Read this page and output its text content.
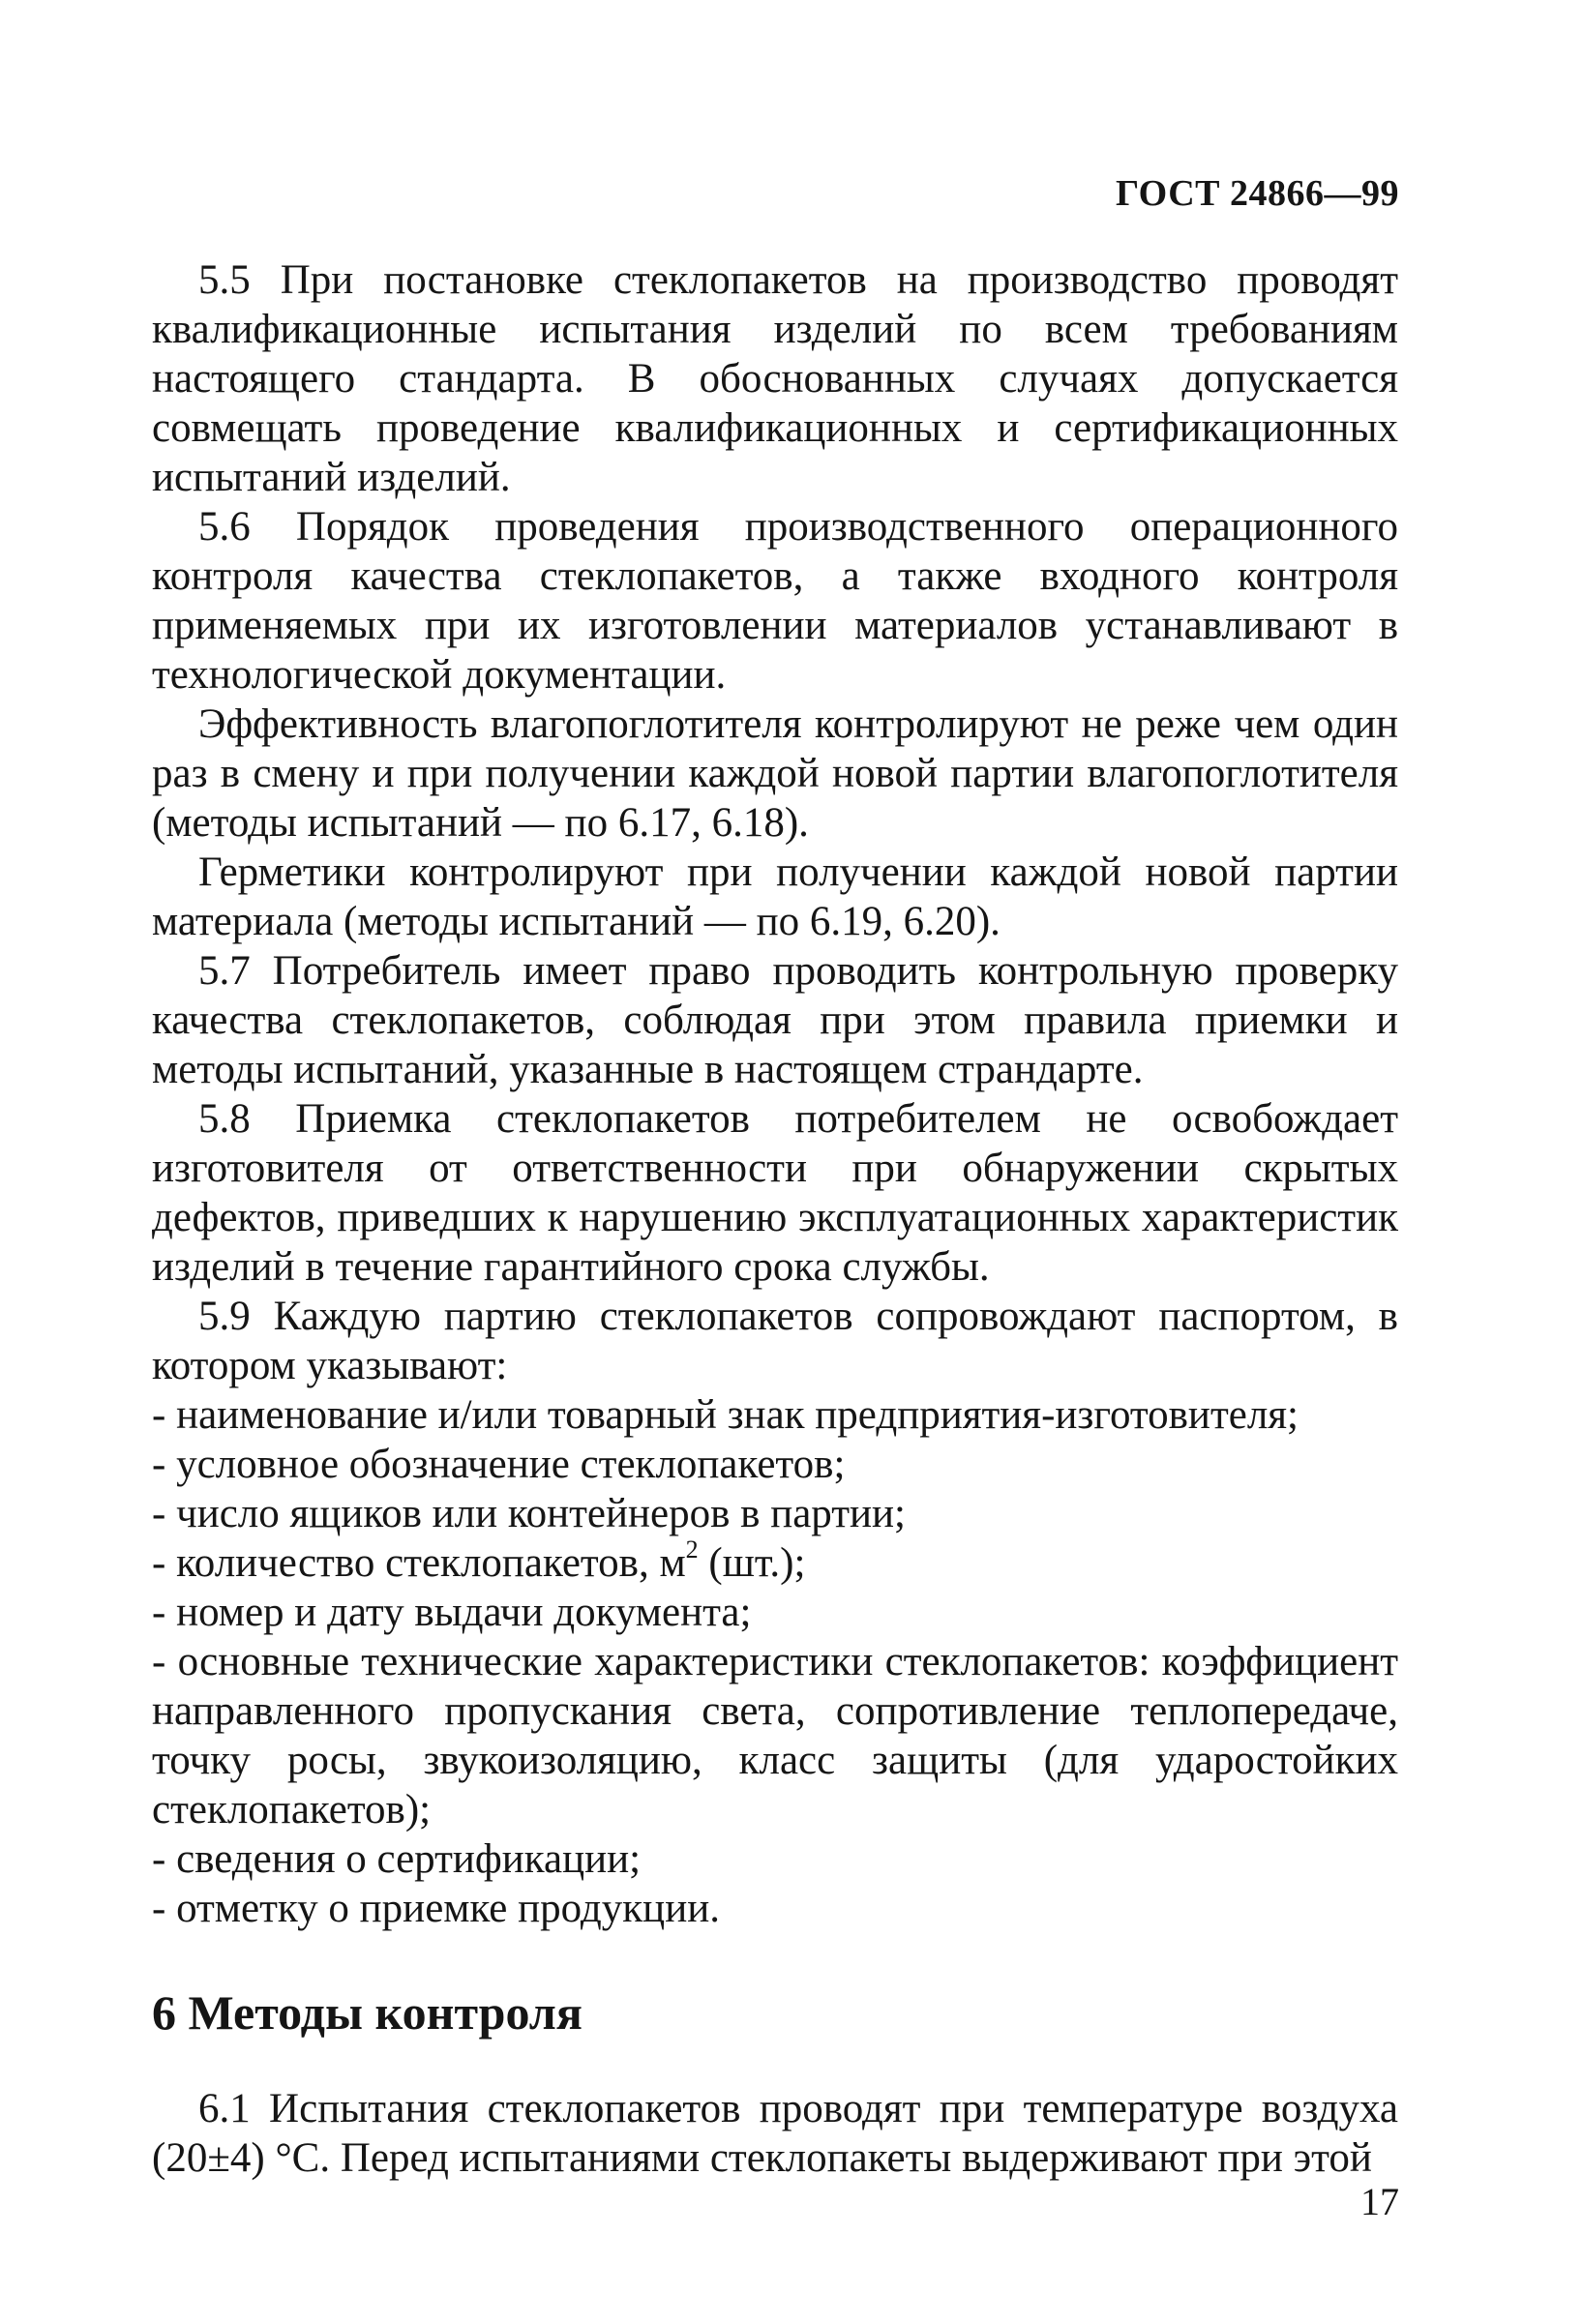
ГОСТ 24866—99

5.5 При постановке стеклопакетов на производство проводят квалификационные испытания изделий по всем требованиям настоящего стандарта. В обоснованных случаях допускается совмещать проведение квалификационных и сертификационных испытаний изделий.

5.6 Порядок проведения производственного операционного контроля качества стеклопакетов, а также входного контроля применяемых при их изготовлении материалов устанавливают в технологической документации.

Эффективность влагопоглотителя контролируют не реже чем один раз в смену и при получении каждой новой партии влагопоглотителя (методы испытаний — по 6.17, 6.18).

Герметики контролируют при получении каждой новой партии материала (методы испытаний — по 6.19, 6.20).

5.7 Потребитель имеет право проводить контрольную проверку качества стеклопакетов, соблюдая при этом правила приемки и методы испытаний, указанные в настоящем страндарте.

5.8 Приемка стеклопакетов потребителем не освобождает изготовителя от ответственности при обнаружении скрытых дефектов, приведших к нарушению эксплуатационных характеристик изделий в течение гарантийного срока службы.

5.9 Каждую партию стеклопакетов сопровождают паспортом, в котором указывают:

- наименование и/или товарный знак предприятия-изготовителя;

- условное обозначение стеклопакетов;

- число ящиков или контейнеров в партии;

- количество стеклопакетов, $м^2$ (шт.);

- номер и дату выдачи документа;

- основные технические характеристики стеклопакетов: коэффициент направленного пропускания света, сопротивление теплопередаче, точку росы, звукоизоляцию, класс защиты (для ударостойких стеклопакетов);

- сведения о сертификации;

- отметку о приемке продукции.

6 Методы контроля

6.1 Испытания стеклопакетов проводят при температуре воздуха (20±4) °С. Перед испытаниями стеклопакеты выдерживают при этой

17
